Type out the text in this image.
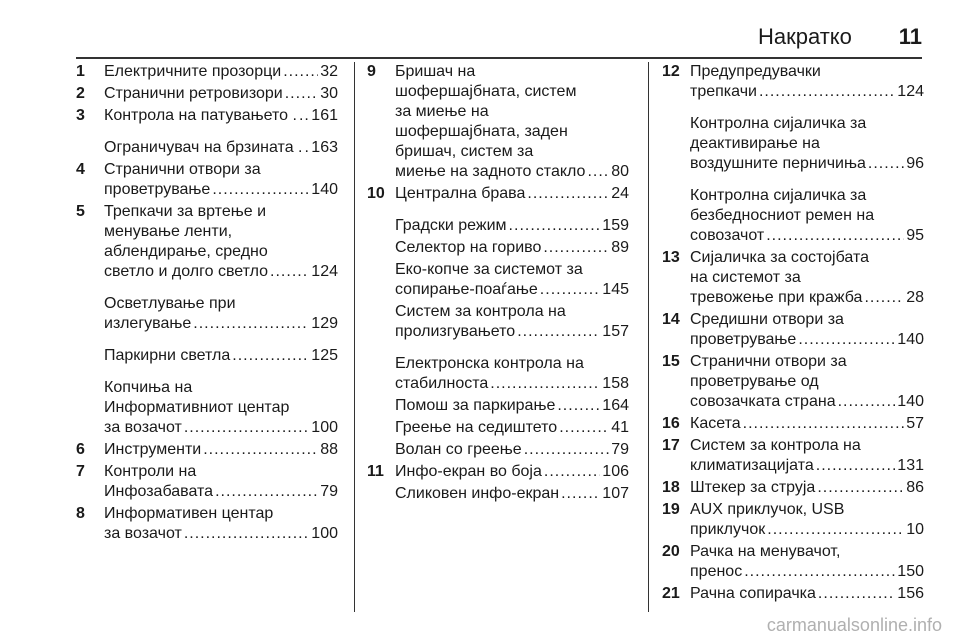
Накратко	11
1 Електричните прозорци ..... 32
2 Странични ретровизори ..... 30
3 Контрола на патувањето . ..... 161
Ограничувач на брзината . ..... 163
4 Странични отвори за
проветрување .....	140
5 Трепкачи за вртење и
менување ленти,
аблендирање, средно
светло и долго светло .....	124
Осветлување при
излегување .....	129
Паркирни светла .....	125
Копчиња на
Информативниот центар
за возачот .....	100
6 Инструменти .....	88
7 Контроли на
Инфозабавата .....	79
8 Информативен центар
за возачот .....	100
9 Бришач на
шофершајбната, систем
за миење на
шофершајбната, заден
бришач, систем за
миење на задното стакло ..... 80
10 Централна брава .....	24
Градски режим .....	159
Селектор на гориво .....	89
Еко-копче за системот за
сопирање-поаѓање .....	145
Систем за контрола на
пролизгувањето .....	157
Електронска контрола на
стабилноста .....	158
Помош за паркирање .....	164
Греење на седиштето .....	41
Волан со греење .....	79
11 Инфо-екран во боја .....	106
Сликовен инфо-екран .....	107
12 Предупредувачки
трепкачи .....	124
Контролна сијаличка за
деактивирање на
воздушните перничиња .....	96
Контролна сијаличка за
безбедносниот ремен на
совозачот .....	95
13 Сијаличка за состојбата
на системот за
тревожење при кражба .....	28
14 Средишни отвори за
проветрување .....	140
15 Странични отвори за
проветрување од
совозачката страна .....	140
16 Касета .....	57
17 Систем за контрола на
климатизацијата .....	131
18 Штекер за струја .....	86
19 AUX приклучок, USB
приклучок .....	10
20 Рачка на менувачот,
пренос .....	150
21 Рачна сопирачка .....	156
carmanualsonline.info
